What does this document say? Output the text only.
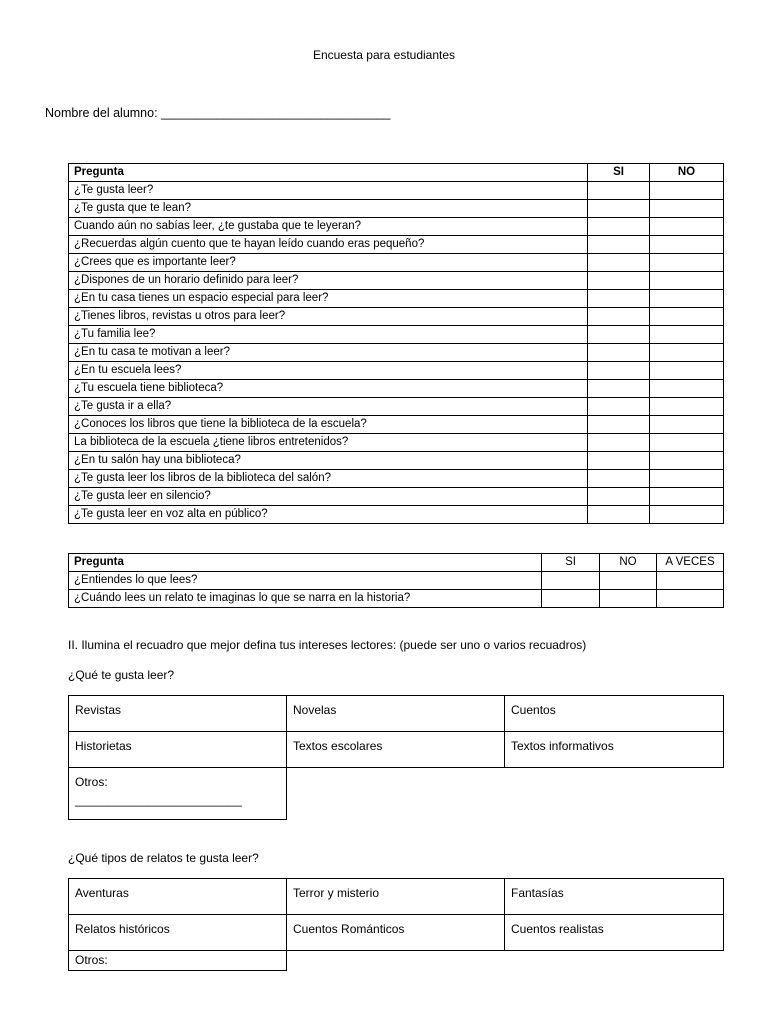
Encuesta para estudiantes
Nombre del alumno: _________________________________
Pregunta	SI	NO
¿Te gusta leer?		
¿Te gusta que te lean?		
Cuando aún no sabías leer, ¿te gustaba que te leyeran?		
¿Recuerdas algún cuento que te hayan leído cuando eras pequeño?		
¿Crees que es importante leer?		
¿Dispones de un horario definido para leer?		
¿En tu casa tienes un espacio especial para leer?		
¿Tienes libros, revistas u otros para leer?		
¿Tu familia lee?		
¿En tu casa te motivan a leer?		
¿En tu escuela lees?		
¿Tu escuela tiene biblioteca?		
¿Te gusta ir a ella?		
¿Conoces los libros que tiene la biblioteca de la escuela?		
La biblioteca de la escuela ¿tiene libros entretenidos?		
¿En tu salón hay una biblioteca?		
¿Te gusta leer los libros de la biblioteca del salón?		
¿Te gusta leer en silencio?		
¿Te gusta leer en voz alta en público?		
Pregunta	SI	NO	A VECES
¿Entiendes lo que lees?			
¿Cuándo lees un relato te imaginas lo que se narra en la historia?			
II. Ilumina el recuadro que mejor defina tus intereses lectores: (puede ser uno o varios recuadros)
¿Qué te gusta leer?
Revistas	Novelas	Cuentos
Historietas	Textos escolares	Textos informativos
Otros:
_________________________		

¿Qué tipos de relatos te gusta leer?
Aventuras	Terror y misterio	Fantasías
Relatos históricos	Cuentos Románticos	Cuentos realistas
Otros:		
